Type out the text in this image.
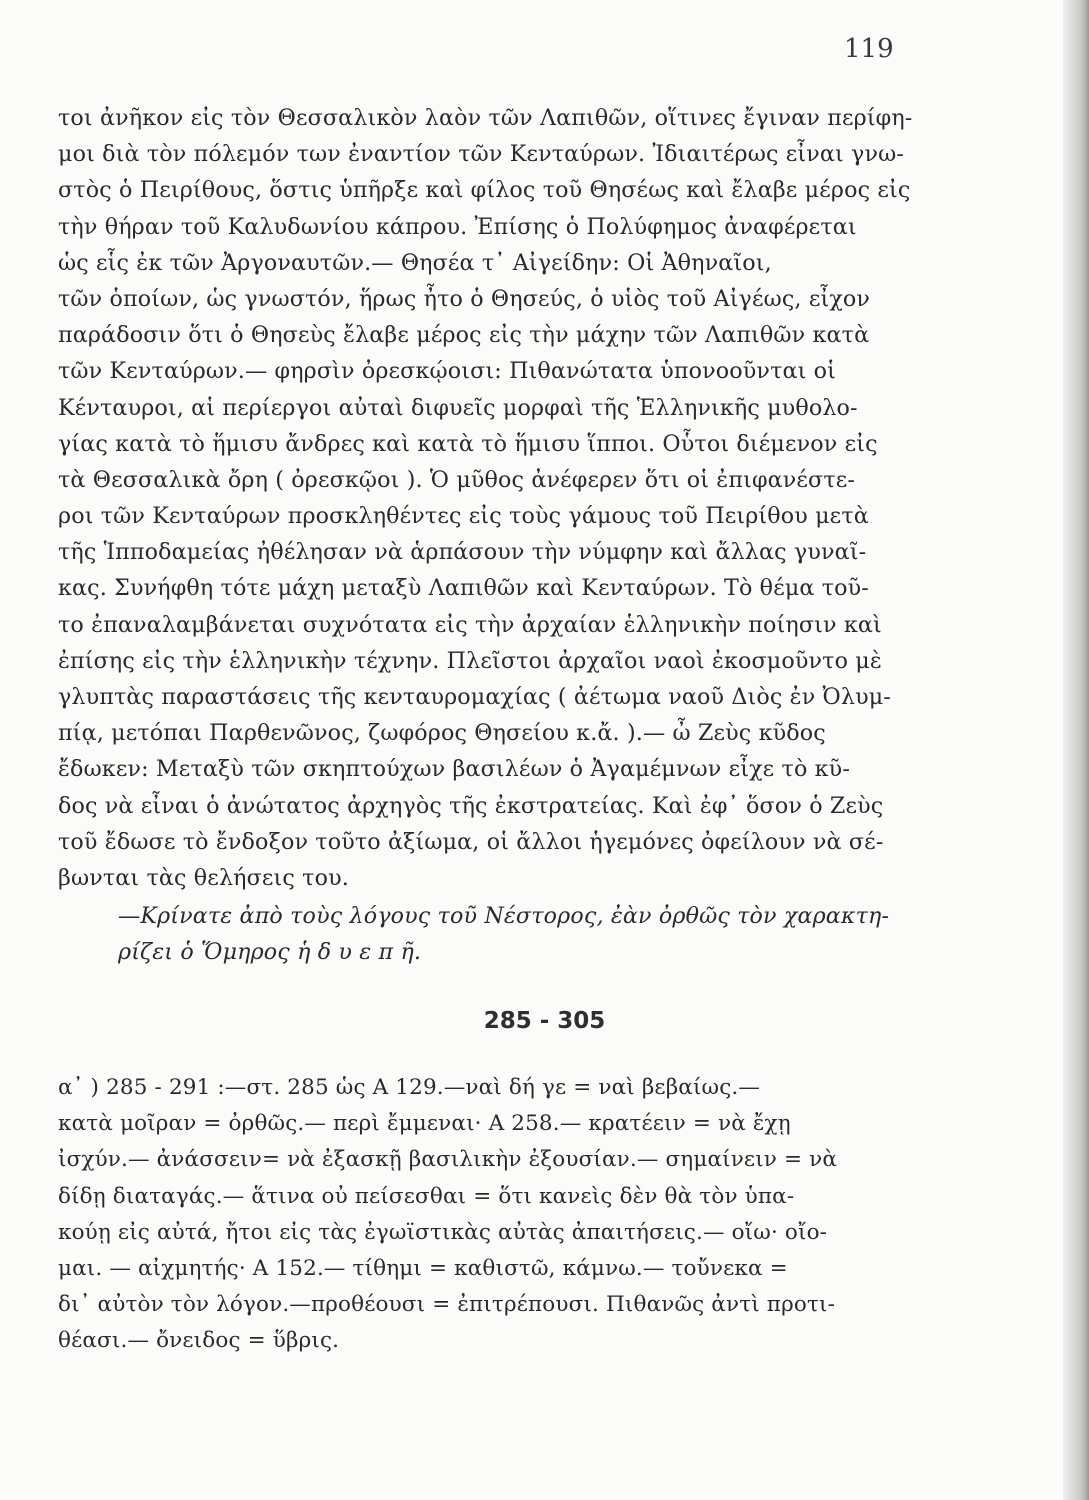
119
τοι ἀνῆκον εἰς τὸν Θεσσαλικὸν λαὸν τῶν Λαπιθῶν, οἵτινες ἔγιναν περίφη-
μοι διὰ τὸν πόλεμόν των ἐναντίον τῶν Κενταύρων. Ἰδιαιτέρως εἶναι γνω-
στὸς ὁ Πειρίθους, ὅστις ὑπῆρξε καὶ φίλος τοῦ Θησέως καὶ ἔλαβε μέρος εἰς
τὴν θήραν τοῦ Καλυδωνίου κάπρου. Ἐπίσης ὁ Πολύφημος ἀναφέρεται
ὡς εἷς ἐκ τῶν Ἀργοναυτῶν.— Θησέα τ᾽ Αἰγείδην: Οἱ Ἀθηναῖοι,
τῶν ὁποίων, ὡς γνωστόν, ἥρως ἦτο ὁ Θησεύς, ὁ υἱὸς τοῦ Αἰγέως, εἶχον
παράδοσιν ὅτι ὁ Θησεὺς ἔλαβε μέρος εἰς τὴν μάχην τῶν Λαπιθῶν κατὰ
τῶν Κενταύρων.— φηρσὶν ὀρεσκῴοισι: Πιθανώτατα ὑπονοοῦνται οἱ
Κένταυροι, αἱ περίεργοι αὐταὶ διφυεῖς μορφαὶ τῆς Ἑλληνικῆς μυθολο-
γίας κατὰ τὸ ἥμισυ ἄνδρες καὶ κατὰ τὸ ἥμισυ ἵπποι. Οὗτοι διέμενον εἰς
τὰ Θεσσαλικὰ ὄρη ( ὀρεσκῷοι ). Ὁ μῦθος ἀνέφερεν ὅτι οἱ ἐπιφανέστε-
ροι τῶν Κενταύρων προσκληθέντες εἰς τοὺς γάμους τοῦ Πειρίθου μετὰ
τῆς Ἱπποδαμείας ἠθέλησαν νὰ ἁρπάσουν τὴν νύμφην καὶ ἄλλας γυναῖ-
κας. Συνήφθη τότε μάχη μεταξὺ Λαπιθῶν καὶ Κενταύρων. Τὸ θέμα τοῦ-
το ἐπαναλαμβάνεται συχνότατα εἰς τὴν ἀρχαίαν ἑλληνικὴν ποίησιν καὶ
ἐπίσης εἰς τὴν ἑλληνικὴν τέχνην. Πλεῖστοι ἀρχαῖοι ναοὶ ἐκοσμοῦντο μὲ
γλυπτὰς παραστάσεις τῆς κενταυρομαχίας ( ἀέτωμα ναοῦ Διὸς ἐν Ὀλυμ-
πίᾳ, μετόπαι Παρθενῶνος, ζωφόρος Θησείου κ.ἄ. ).— ὦ Ζεὺς κῦδος
ἔδωκεν: Μεταξὺ τῶν σκηπτούχων βασιλέων ὁ Ἀγαμέμνων εἶχε τὸ κῦ-
δος νὰ εἶναι ὁ ἀνώτατος ἀρχηγὸς τῆς ἐκστρατείας. Καὶ ἐφ᾽ ὅσον ὁ Ζεὺς
τοῦ ἔδωσε τὸ ἔνδοξον τοῦτο ἀξίωμα, οἱ ἄλλοι ἡγεμόνες ὀφείλουν νὰ σέ-
βωνται τὰς θελήσεις του.
—Κρίνατε ἀπὸ τοὺς λόγους τοῦ Νέστορος, ἐὰν ὀρθῶς τὸν χαρακτη-
ρίζει ὁ Ὅμηρος ἡ δ υ ε π ῆ.
285 - 305
α᾽ ) 285 - 291 :—στ. 285 ὡς Α 129.—ναὶ δή γε = ναὶ βεβαίως.—
κατὰ μοῖραν = ὀρθῶς.— περὶ ἔμμεναι· Α 258.— κρατέειν = νὰ ἔχῃ
ἰσχύν.— ἀνάσσειν= νὰ ἐξασκῇ βασιλικὴν ἐξουσίαν.— σημαίνειν = νὰ
δίδῃ διαταγάς.— ἅτινα οὐ πείσεσθαι = ὅτι κανεὶς δὲν θὰ τὸν ὑπα-
κούῃ εἰς αὐτά, ἤτοι εἰς τὰς ἐγωϊστικὰς αὐτὰς ἀπαιτήσεις.— οἴω· οἴο-
μαι. — αἰχμητής· Α 152.— τίθημι = καθιστῶ, κάμνω.— τοὔνεκα =
δι᾽ αὐτὸν τὸν λόγον.—προθέουσι = ἐπιτρέπουσι. Πιθανῶς ἀντὶ προτι-
θέασι.— ὄνειδος = ὕβρις.
